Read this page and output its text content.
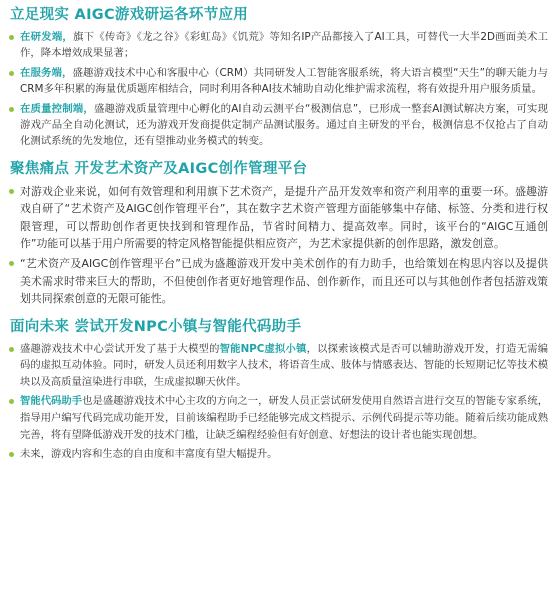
立足现实 AIGC游戏研运各环节应用

在研发端，旗下《传奇》《龙之谷》《彩虹岛》《饥荒》等知名IP产品都接入了AI工具，可替代一大半2D画面美术工作，降本增效成果显著；

在服务端，盛趣游戏技术中心和客服中心（CRM）共同研发人工智能客服系统，将大语言模型“天生”的聊天能力与CRM多年积累的海量优质题库相结合，同时利用各种AI技术辅助自动化维护需求流程，将有效提升用户服务质量。

在质量控制端，盛趣游戏质量管理中心孵化的AI自动云测平台“极测信息”，已形成一整套AI测试解决方案，可实现游戏产品全自动化测试，还为游戏开发商提供定制产品测试服务。通过自主研发的平台，极测信息不仅抢占了自动化测试系统的先发地位，还有望推动业务模式的转变。

聚焦痛点 开发艺术资产及AIGC创作管理平台

对游戏企业来说，如何有效管理和利用旗下艺术资产，是提升产品开发效率和资产利用率的重要一环。盛趣游戏自研了“艺术资产及AIGC创作管理平台”，其在数字艺术资产管理方面能够集中存储、标签、分类和进行权限管理，可以帮助创作者更快找到和管理作品，节省时间精力、提高效率。同时，该平台的“AIGC互通创作”功能可以基于用户所需要的特定风格智能提供相应资产，为艺术家提供新的创作思路，激发创意。

“艺术资产及AIGC创作管理平台”已成为盛趣游戏开发中美术创作的有力助手，也给策划在构思内容以及提供美术需求时带来巨大的帮助，不但使创作者更好地管理作品、创作新作，而且还可以与其他创作者包括游戏策划共同探索创意的无限可能性。

面向未来 尝试开发NPC小镇与智能代码助手

盛趣游戏技术中心尝试开发了基于大模型的智能NPC虚拟小镇，以探索该模式是否可以辅助游戏开发，打造无需编码的虚拟互动体验。同时，研发人员还利用数字人技术，将语音生成、肢体与情感表达、智能的长短期记忆等技术模块以及高质量渲染进行串联，生成虚拟聊天伙伴。

智能代码助手也是盛趣游戏技术中心主攻的方向之一，研发人员正尝试研发使用自然语言进行交互的智能专家系统，指导用户编写代码完成功能开发，目前该编程助手已经能够完成文档提示、示例代码提示等功能。随着后续功能成熟完善，将有望降低游戏开发的技术门槛，让缺乏编程经验但有好创意、好想法的设计者也能实现创想。

未来，游戏内容和生态的自由度和丰富度有望大幅提升。
